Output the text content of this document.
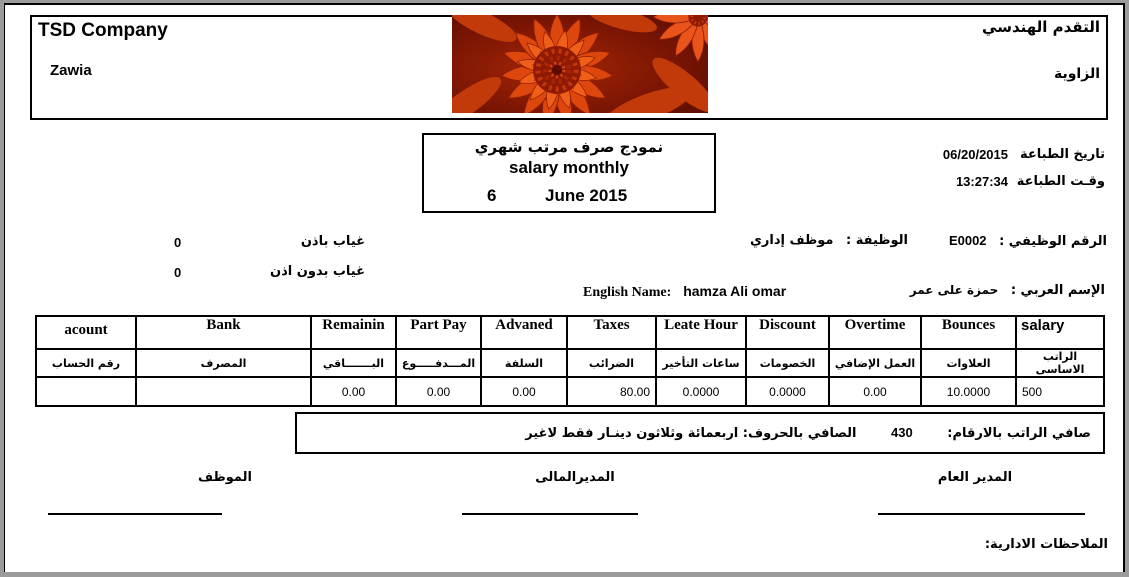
TSD Company
Zawia
التقدم الهندسي
الزاوية
نمودج صرف مرتب شهري
salary monthly
6	June 2015
تاريخ الطباعة
06/20/2015
وقـت الطباعة
13:27:34
الرقم الوظيفي : E0002
الوظيفة : موظف إداري
غياب باذن
0
غياب بدون اذن
0
الإسم العربي : حمزة على عمر
English Name: hamza Ali omar
acount	Bank	Remainin	Part Pay	Advaned	Taxes	Leate Hour	Discount	Overtime	Bounces	salary
رقم الحساب	المصرف	البـــــــاقي	المـــدفـــــوع	السلفة	الضرائب	ساعات التأخير	الخصومات	العمل الإضافي	العلاوات	الراتب الاساسى
		0.00	0.00	0.00	80.00	0.0000	0.0000	0.00	10.0000	500
صافي الراتب بالارقام: 430 الصافي بالحروف: اربعمائة وثلاثون دينـار فقط لاغير
المدير العام
المديرالمالى
الموظف
الملاحظات الادارية:
